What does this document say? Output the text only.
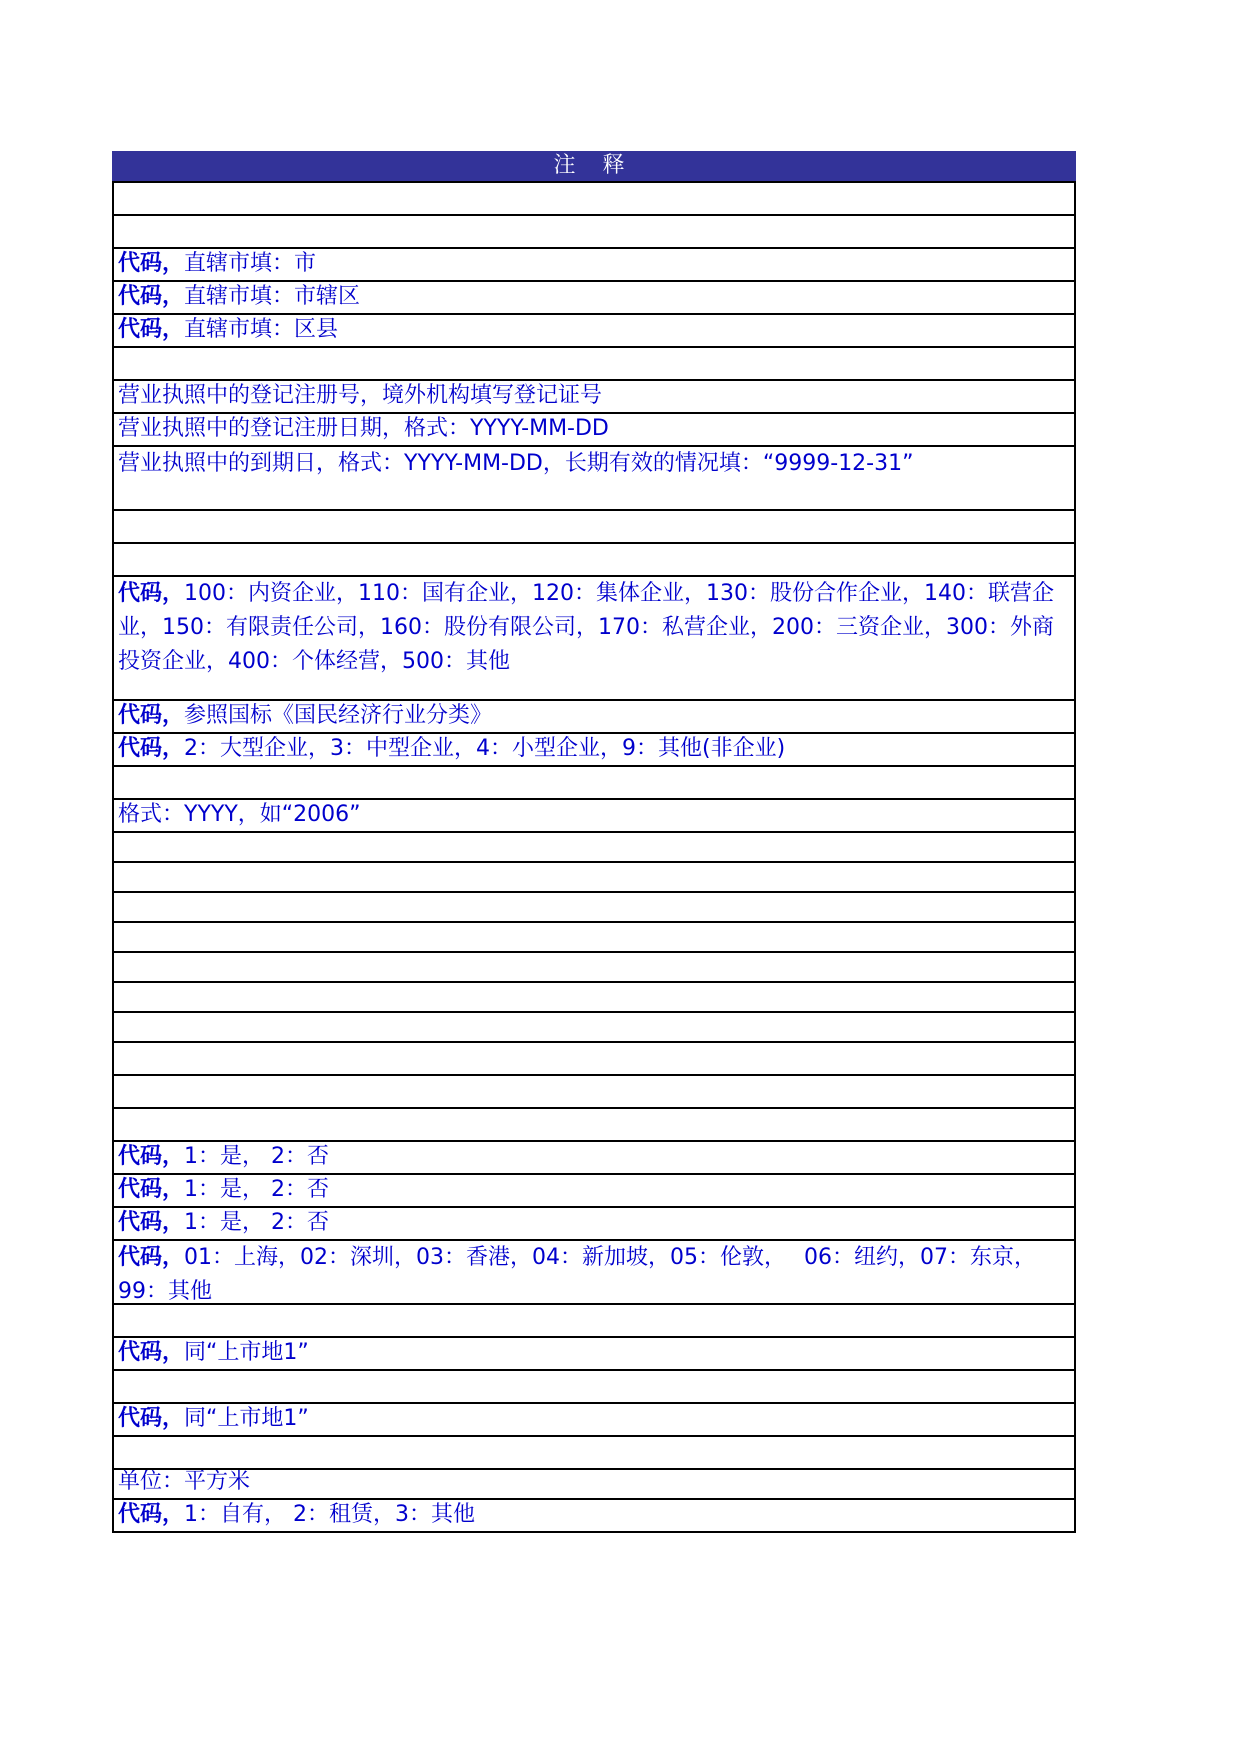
注 释
代码，直辖市填：市
代码，直辖市填：市辖区
代码，直辖市填：区县
营业执照中的登记注册号，境外机构填写登记证号
营业执照中的登记注册日期，格式：YYYY-MM-DD
营业执照中的到期日，格式：YYYY-MM-DD，长期有效的情况填：“9999-12-31”
代码，100：内资企业，110：国有企业，120：集体企业，130：股份合作企业，140：联营企业，150：有限责任公司，160：股份有限公司，170：私营企业，200：三资企业，300：外商投资企业，400：个体经营，500：其他
代码，参照国标《国民经济行业分类》
代码，2：大型企业，3：中型企业，4：小型企业，9：其他(非企业)
格式：YYYY，如“2006”
代码，1：是， 2：否
代码，1：是， 2：否
代码，1：是， 2：否
代码，01：上海，02：深圳，03：香港，04：新加坡，05：伦敦，　 06：纽约，07：东京，99：其他
代码，同“上市地1”
代码，同“上市地1”
单位：平方米
代码，1：自有， 2：租赁，3：其他
